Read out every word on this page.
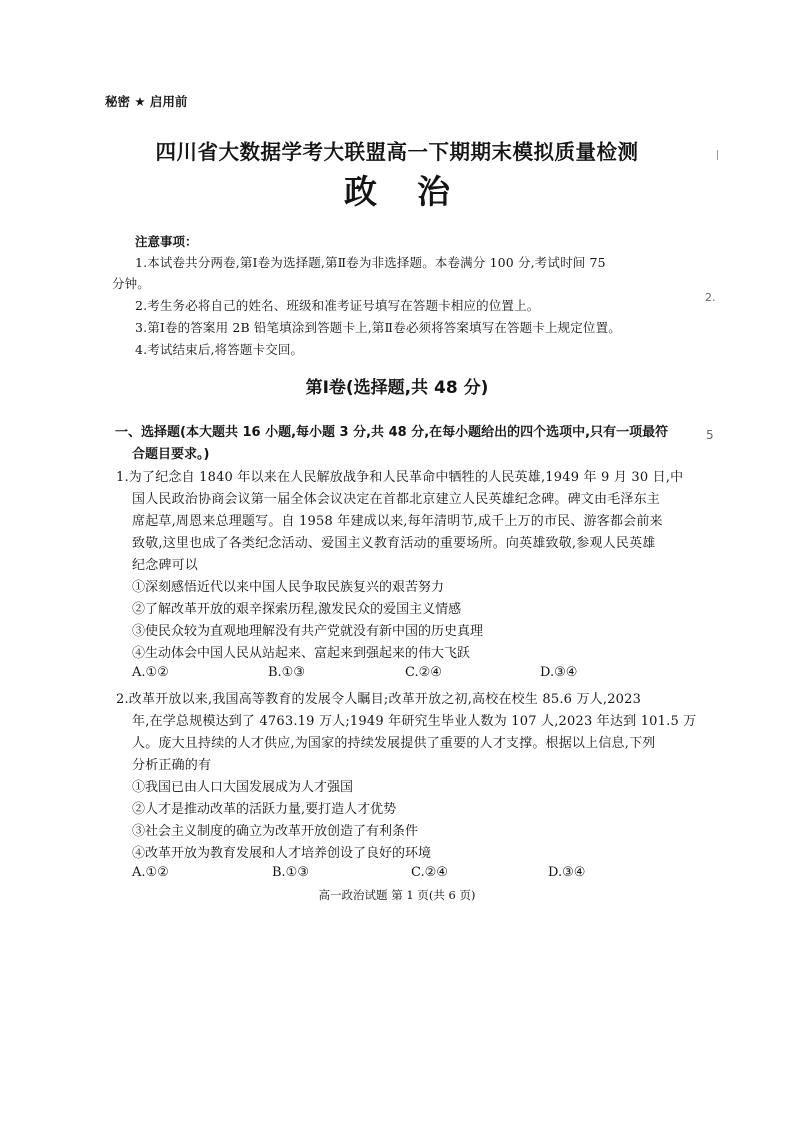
秘密 ★ 启用前
四川省大数据学考大联盟高一下期期末模拟质量检测
政 治
注意事项：
1.本试卷共分两卷,第Ⅰ卷为选择题,第Ⅱ卷为非选择题。本卷满分 100 分,考试时间 75
分钟。
2.考生务必将自己的姓名、班级和准考证号填写在答题卡相应的位置上。
3.第Ⅰ卷的答案用 2B 铅笔填涂到答题卡上,第Ⅱ卷必须将答案填写在答题卡上规定位置。
4.考试结束后,将答题卡交回。
第Ⅰ卷(选择题,共 48 分)
一、选择题(本大题共 16 小题,每小题 3 分,共 48 分,在每小题给出的四个选项中,只有一项最符
合题目要求。)
1.为了纪念自 1840 年以来在人民解放战争和人民革命中牺牲的人民英雄,1949 年 9 月 30 日,中
国人民政治协商会议第一届全体会议决定在首都北京建立人民英雄纪念碑。碑文由毛泽东主
席起草,周恩来总理题写。自 1958 年建成以来,每年清明节,成千上万的市民、游客都会前来
致敬,这里也成了各类纪念活动、爱国主义教育活动的重要场所。向英雄致敬,参观人民英雄
纪念碑可以
①深刻感悟近代以来中国人民争取民族复兴的艰苦努力
②了解改革开放的艰辛探索历程,激发民众的爱国主义情感
③使民众较为直观地理解没有共产党就没有新中国的历史真理
④生动体会中国人民从站起来、富起来到强起来的伟大飞跃
A.①②	B.①③	C.②④	D.③④
2.改革开放以来,我国高等教育的发展令人瞩目;改革开放之初,高校在校生 85.6 万人,2023
年,在学总规模达到了 4763.19 万人;1949 年研究生毕业人数为 107 人,2023 年达到 101.5 万
人。庞大且持续的人才供应,为国家的持续发展提供了重要的人才支撑。根据以上信息,下列
分析正确的有
①我国已由人口大国发展成为人才强国
②人才是推动改革的活跃力量,要打造人才优势
③社会主义制度的确立为改革开放创造了有利条件
④改革开放为教育发展和人才培养创设了良好的环境
A.①②	B.①③	C.②④	D.③④
高一政治试题 第 1 页(共 6 页)
2.
5
